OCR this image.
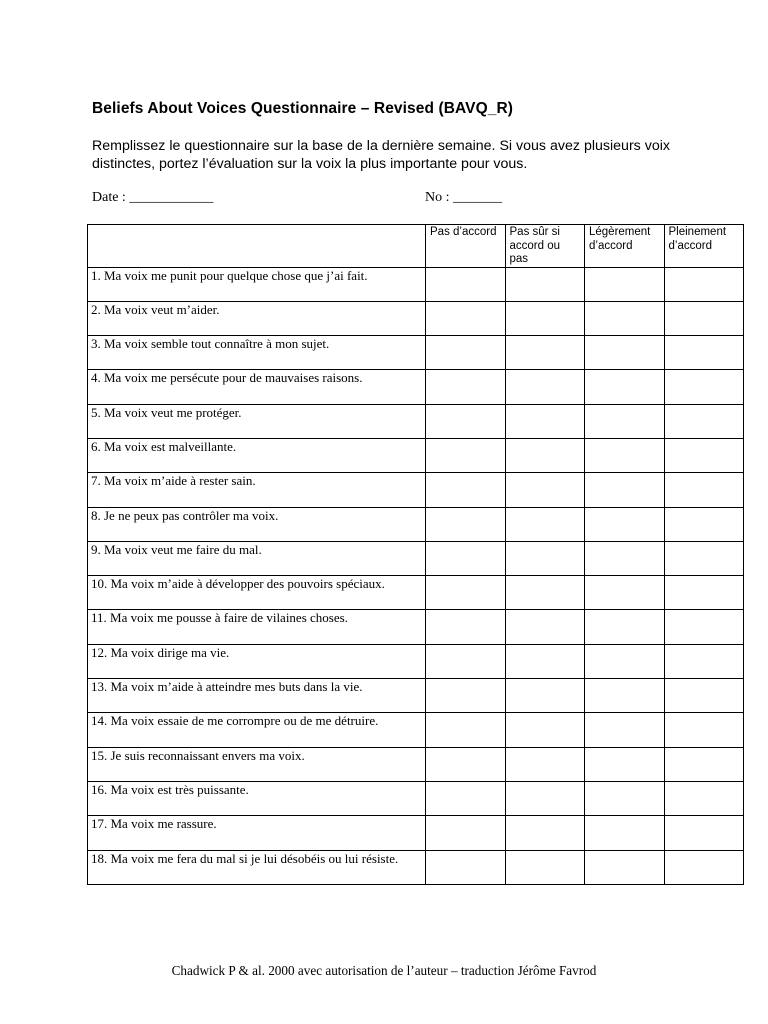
Beliefs About Voices Questionnaire – Revised (BAVQ_R)
Remplissez le questionnaire sur la base de la dernière semaine. Si vous avez plusieurs voix distinctes, portez l’évaluation sur la voix la plus importante pour vous.
Date : ____________	No : _______
	Pas d’accord	Pas sûr si accord ou pas	Légèrement d’accord	Pleinement d’accord
1. Ma voix me punit pour quelque chose que j’ai fait.				
2. Ma voix veut m’aider.				
3. Ma voix semble tout connaître à mon sujet.				
4. Ma voix me persécute pour de mauvaises raisons.				
5. Ma voix veut me protéger.				
6. Ma voix est malveillante.				
7. Ma voix m’aide à rester sain.				
8. Je ne peux pas contrôler ma voix.				
9. Ma voix veut me faire du mal.				
10. Ma voix m’aide à développer des pouvoirs spéciaux.				
11. Ma voix me pousse à faire de vilaines choses.				
12. Ma voix dirige ma vie.				
13. Ma voix m’aide à atteindre mes buts dans la vie.				
14. Ma voix essaie de me corrompre ou de me détruire.				
15. Je suis reconnaissant envers ma voix.				
16. Ma voix est très puissante.				
17. Ma voix me rassure.				
18. Ma voix me fera du mal si je lui désobéis ou lui résiste.				
Chadwick P & al. 2000 avec autorisation de l’auteur – traduction Jérôme Favrod
